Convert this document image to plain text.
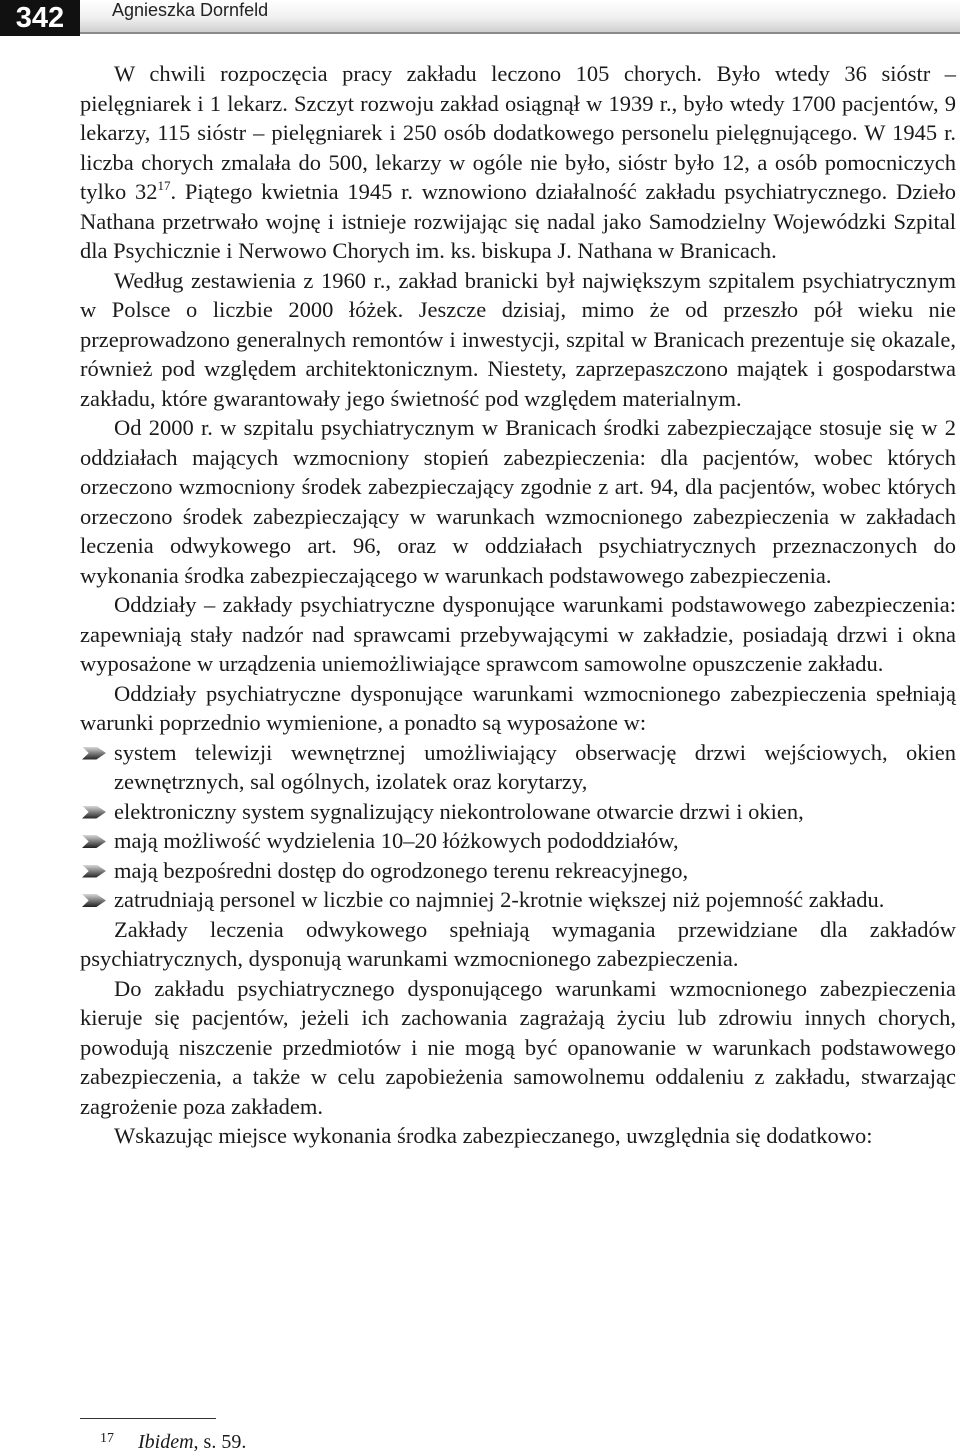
342	Agnieszka Dornfeld

W chwili rozpoczęcia pracy zakładu leczono 105 chorych. Było wtedy 36 sióstr – pielęgniarek i 1 lekarz. Szczyt rozwoju zakład osiągnął w 1939 r., było wtedy 1700 pacjentów, 9 lekarzy, 115 sióstr – pielęgniarek i 250 osób dodatkowego personelu pielęgnującego. W 1945 r. liczba chorych zmalała do 500, lekarzy w ogóle nie było, sióstr było 12, a osób pomocniczych tylko $32^{17}$. Piątego kwietnia 1945 r. wznowiono działalność zakładu psychiatrycznego. Dzieło Nathana przetrwało wojnę i istnieje rozwijając się nadal jako Samodzielny Wojewódzki Szpital dla Psychicznie i Nerwowo Chorych im. ks. biskupa J. Nathana w Branicach.

Według zestawienia z 1960 r., zakład branicki był największym szpitalem psychiatrycznym w Polsce o liczbie 2000 łóżek. Jeszcze dzisiaj, mimo że od przeszło pół wieku nie przeprowadzono generalnych remontów i inwestycji, szpital w Branicach prezentuje się okazale, również pod względem architektonicznym. Niestety, zaprzepaszczono majątek i gospodarstwa zakładu, które gwarantowały jego świetność pod względem materialnym.

Od 2000 r. w szpitalu psychiatrycznym w Branicach środki zabezpieczające stosuje się w 2 oddziałach mających wzmocniony stopień zabezpieczenia: dla pacjentów, wobec których orzeczono wzmocniony środek zabezpieczający zgodnie z art. 94, dla pacjentów, wobec których orzeczono środek zabezpieczający w warunkach wzmocnionego zabezpieczenia w zakładach leczenia odwykowego art. 96, oraz w oddziałach psychiatrycznych przeznaczonych do wykonania środka zabezpieczającego w warunkach podstawowego zabezpieczenia.

Oddziały – zakłady psychiatryczne dysponujące warunkami podstawowego zabezpieczenia: zapewniają stały nadzór nad sprawcami przebywającymi w zakładzie, posiadają drzwi i okna wyposażone w urządzenia uniemożliwiające sprawcom samowolne opuszczenie zakładu.

Oddziały psychiatryczne dysponujące warunkami wzmocnionego zabezpieczenia spełniają warunki poprzednio wymienione, a ponadto są wyposażone w:

system telewizji wewnętrznej umożliwiający obserwację drzwi wejściowych, okien zewnętrznych, sal ogólnych, izolatek oraz korytarzy,
elektroniczny system sygnalizujący niekontrolowane otwarcie drzwi i okien,
mają możliwość wydzielenia 10–20 łóżkowych pododdziałów,
mają bezpośredni dostęp do ogrodzonego terenu rekreacyjnego,
zatrudniają personel w liczbie co najmniej 2-krotnie większej niż pojemność zakładu.

Zakłady leczenia odwykowego spełniają wymagania przewidziane dla zakładów psychiatrycznych, dysponują warunkami wzmocnionego zabezpieczenia.

Do zakładu psychiatrycznego dysponującego warunkami wzmocnionego zabezpieczenia kieruje się pacjentów, jeżeli ich zachowania zagrażają życiu lub zdrowiu innych chorych, powodują niszczenie przedmiotów i nie mogą być opanowanie w warunkach podstawowego zabezpieczenia, a także w celu zapobieżenia samowolnemu oddaleniu z zakładu, stwarzając zagrożenie poza zakładem.

Wskazując miejsce wykonania środka zabezpieczanego, uwzględnia się dodatkowo:

17 Ibidem, s. 59.
